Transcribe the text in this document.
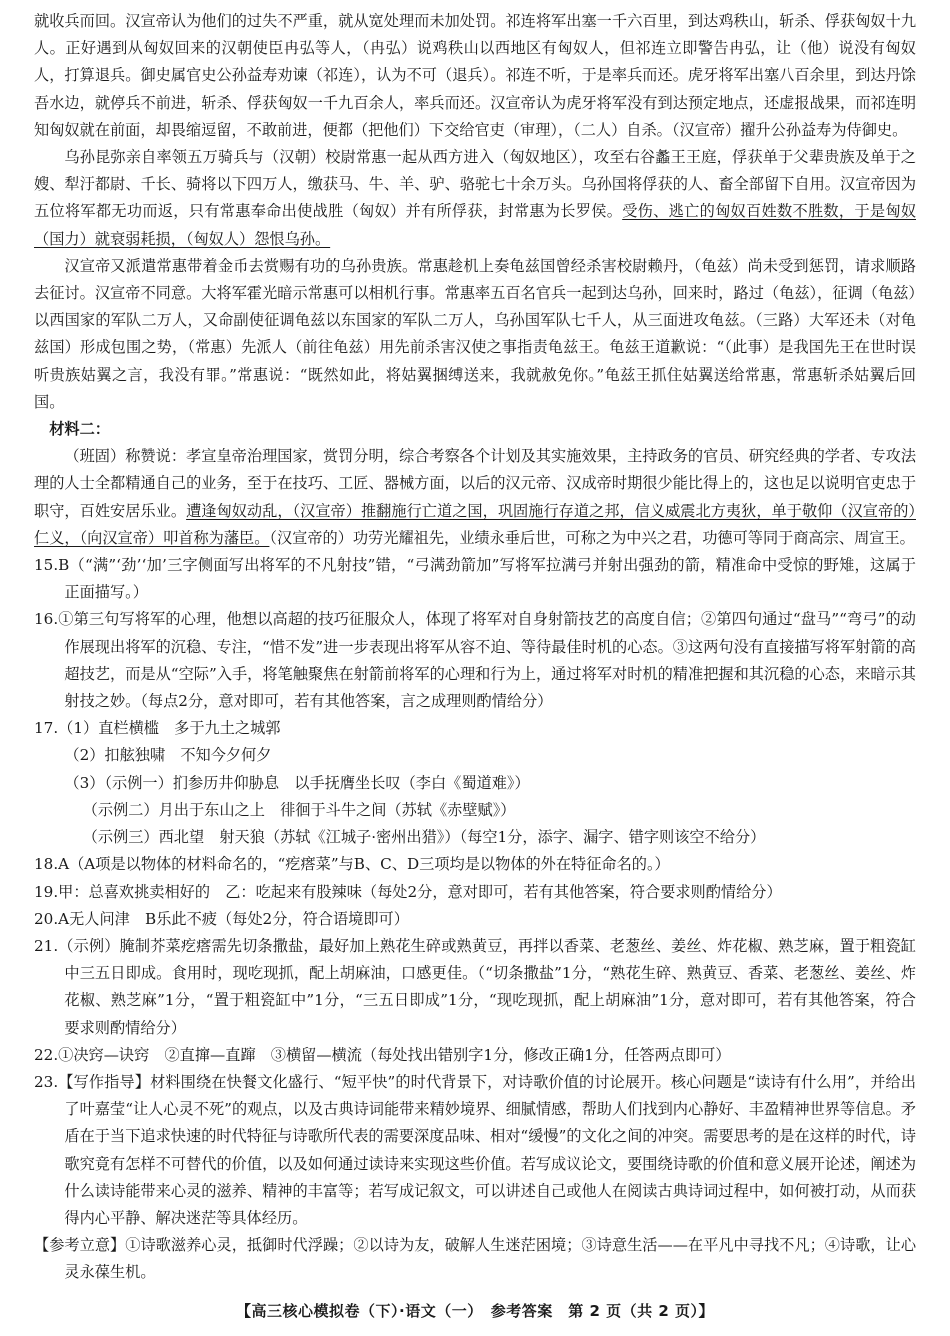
就收兵而回。汉宣帝认为他们的过失不严重，就从宽处理而未加处罚。祁连将军出塞一千六百里，到达鸡秩山，斩杀、俘获匈奴十九人。正好遇到从匈奴回来的汉朝使臣冉弘等人，（冉弘）说鸡秩山以西地区有匈奴人，但祁连立即警告冉弘，让（他）说没有匈奴人，打算退兵。御史属官史公孙益寿劝谏（祁连），认为不可（退兵）。祁连不听，于是率兵而还。虎牙将军出塞八百余里，到达丹馀吾水边，就停兵不前进，斩杀、俘获匈奴一千九百余人，率兵而还。汉宣帝认为虎牙将军没有到达预定地点，还虚报战果，而祁连明知匈奴就在前面，却畏缩逗留，不敢前进，便都（把他们）下交给官吏（审理），（二人）自杀。（汉宣帝）擢升公孙益寿为侍御史。

乌孙昆弥亲自率领五万骑兵与（汉朝）校尉常惠一起从西方进入（匈奴地区），攻至右谷蠡王王庭，俘获单于父辈贵族及单于之嫂、犁汙都尉、千长、骑将以下四万人，缴获马、牛、羊、驴、骆驼七十余万头。乌孙国将俘获的人、畜全部留下自用。汉宣帝因为五位将军都无功而返，只有常惠奉命出使战胜（匈奴）并有所俘获，封常惠为长罗侯。受伤、逃亡的匈奴百姓数不胜数，于是匈奴（国力）就衰弱耗损，（匈奴人）怨恨乌孙。

汉宣帝又派遣常惠带着金币去赏赐有功的乌孙贵族。常惠趁机上奏龟兹国曾经杀害校尉赖丹，（龟兹）尚未受到惩罚，请求顺路去征讨。汉宣帝不同意。大将军霍光暗示常惠可以相机行事。常惠率五百名官兵一起到达乌孙，回来时，路过（龟兹），征调（龟兹）以西国家的军队二万人，又命副使征调龟兹以东国家的军队二万人，乌孙国军队七千人，从三面进攻龟兹。（三路）大军还未（对龟兹国）形成包围之势，（常惠）先派人（前往龟兹）用先前杀害汉使之事指责龟兹王。龟兹王道歉说：“（此事）是我国先王在世时误听贵族姑翼之言，我没有罪。”常惠说：“既然如此，将姑翼捆缚送来，我就赦免你。”龟兹王抓住姑翼送给常惠，常惠斩杀姑翼后回国。

材料二：

（班固）称赞说：孝宣皇帝治理国家，赏罚分明，综合考察各个计划及其实施效果，主持政务的官员、研究经典的学者、专攻法理的人士全都精通自己的业务，至于在技巧、工匠、器械方面，以后的汉元帝、汉成帝时期很少能比得上的，这也足以说明官吏忠于职守，百姓安居乐业。遭逢匈奴动乱，（汉宣帝）推翻施行亡道之国，巩固施行存道之邦，信义威震北方夷狄，单于敬仰（汉宣帝的）仁义，（向汉宣帝）叩首称为藩臣。（汉宣帝的）功劳光耀祖先，业绩永垂后世，可称之为中兴之君，功德可等同于商高宗、周宣王。

15.B（“满”‘劲’‘加’三字侧面写出将军的不凡射技”错，“弓满劲箭加”写将军拉满弓并射出强劲的箭，精准命中受惊的野雉，这属于正面描写。）

16.①第三句写将军的心理，他想以高超的技巧征服众人，体现了将军对自身射箭技艺的高度自信；②第四句通过“盘马”“弯弓”的动作展现出将军的沉稳、专注，“惜不发”进一步表现出将军从容不迫、等待最佳时机的心态。③这两句没有直接描写将军射箭的高超技艺，而是从“空际”入手，将笔触聚焦在射箭前将军的心理和行为上，通过将军对时机的精准把握和其沉稳的心态，来暗示其射技之妙。（每点2分，意对即可，若有其他答案，言之成理则酌情给分）

17.（1）直栏横槛　多于九土之城郭

（2）扣舷独啸　不知今夕何夕

（3）（示例一）扪参历井仰胁息　以手抚膺坐长叹（李白《蜀道难》）

（示例二）月出于东山之上　徘徊于斗牛之间（苏轼《赤壁赋》）

（示例三）西北望　射天狼（苏轼《江城子·密州出猎》）（每空1分，添字、漏字、错字则该空不给分）

18.A（A项是以物体的材料命名的，“疙瘩菜”与B、C、D三项均是以物体的外在特征命名的。）

19.甲：总喜欢挑卖相好的　乙：吃起来有股辣味（每处2分，意对即可，若有其他答案，符合要求则酌情给分）

20.A无人问津　B乐此不疲（每处2分，符合语境即可）

21.（示例）腌制芥菜疙瘩需先切条撒盐，最好加上熟花生碎或熟黄豆，再拌以香菜、老葱丝、姜丝、炸花椒、熟芝麻，置于粗瓷缸中三五日即成。食用时，现吃现抓，配上胡麻油，口感更佳。（“切条撒盐”1分，“熟花生碎、熟黄豆、香菜、老葱丝、姜丝、炸花椒、熟芝麻”1分，“置于粗瓷缸中”1分，“三五日即成”1分，“现吃现抓，配上胡麻油”1分，意对即可，若有其他答案，符合要求则酌情给分）

22.①决窍—诀窍　②直撺—直蹿　③横留—横流（每处找出错别字1分，修改正确1分，任答两点即可）

23.【写作指导】材料围绕在快餐文化盛行、“短平快”的时代背景下，对诗歌价值的讨论展开。核心问题是“读诗有什么用”，并给出了叶嘉莹“让人心灵不死”的观点，以及古典诗词能带来精妙境界、细腻情感，帮助人们找到内心静好、丰盈精神世界等信息。矛盾在于当下追求快速的时代特征与诗歌所代表的需要深度品味、相对“缓慢”的文化之间的冲突。需要思考的是在这样的时代，诗歌究竟有怎样不可替代的价值，以及如何通过读诗来实现这些价值。若写成议论文，要围绕诗歌的价值和意义展开论述，阐述为什么读诗能带来心灵的滋养、精神的丰富等；若写成记叙文，可以讲述自己或他人在阅读古典诗词过程中，如何被打动，从而获得内心平静、解决迷茫等具体经历。

【参考立意】①诗歌滋养心灵，抵御时代浮躁；②以诗为友，破解人生迷茫困境；③诗意生活——在平凡中寻找不凡；④诗歌，让心灵永葆生机。

【高三核心模拟卷（下）·语文（一）　参考答案　第 2 页（共 2 页）】
